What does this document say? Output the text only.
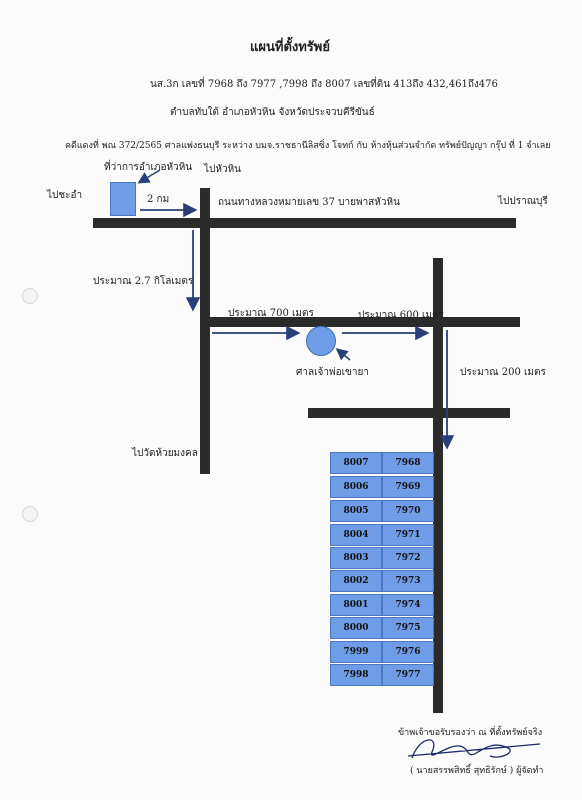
แผนที่ตั้งทรัพย์
นส.3ก เลขที่ 7968 ถึง 7977 ,7998 ถึง 8007 เลขที่ดิน 413ถึง 432,461ถึง476
ตำบลทับใต้ อำเภอหัวหิน จังหวัดประจวบคีรีขันธ์
คดีแดงที่ พณ 372/2565 ศาลแพ่งธนบุรี ระหว่าง บมจ.ราชธานีลิสซิ่ง โจทก์ กับ ห้างหุ้นส่วนจำกัด ทรัพย์ปัญญา กรุ๊ป ที่ 1 จำเลย
ที่ว่าการอำเภอหัวหิน ไปหัวหิน
ไปชะอำ
ไปปราณบุรี
2 กม	ถนนทางหลวงหมายเลข 37 บายพาสหัวหิน
ประมาณ 2.7 กิโลเมตร
ประมาณ 700 เมตร	ประมาณ 600 เมตร
ประมาณ 200 เมตร
ศาลเจ้าพ่อเขายา
ไปวัดห้วยมงคล
8007	7968
8006	7969
8005	7970
8004	7971
8003	7972
8002	7973
8001	7974
8000	7975
7999	7976
7998	7977
ข้าพเจ้าขอรับรองว่า ณ ที่ตั้งทรัพย์จริง
( นายสรรพสิทธิ์ สุทธิรักษ์ ) ผู้จัดทำ
